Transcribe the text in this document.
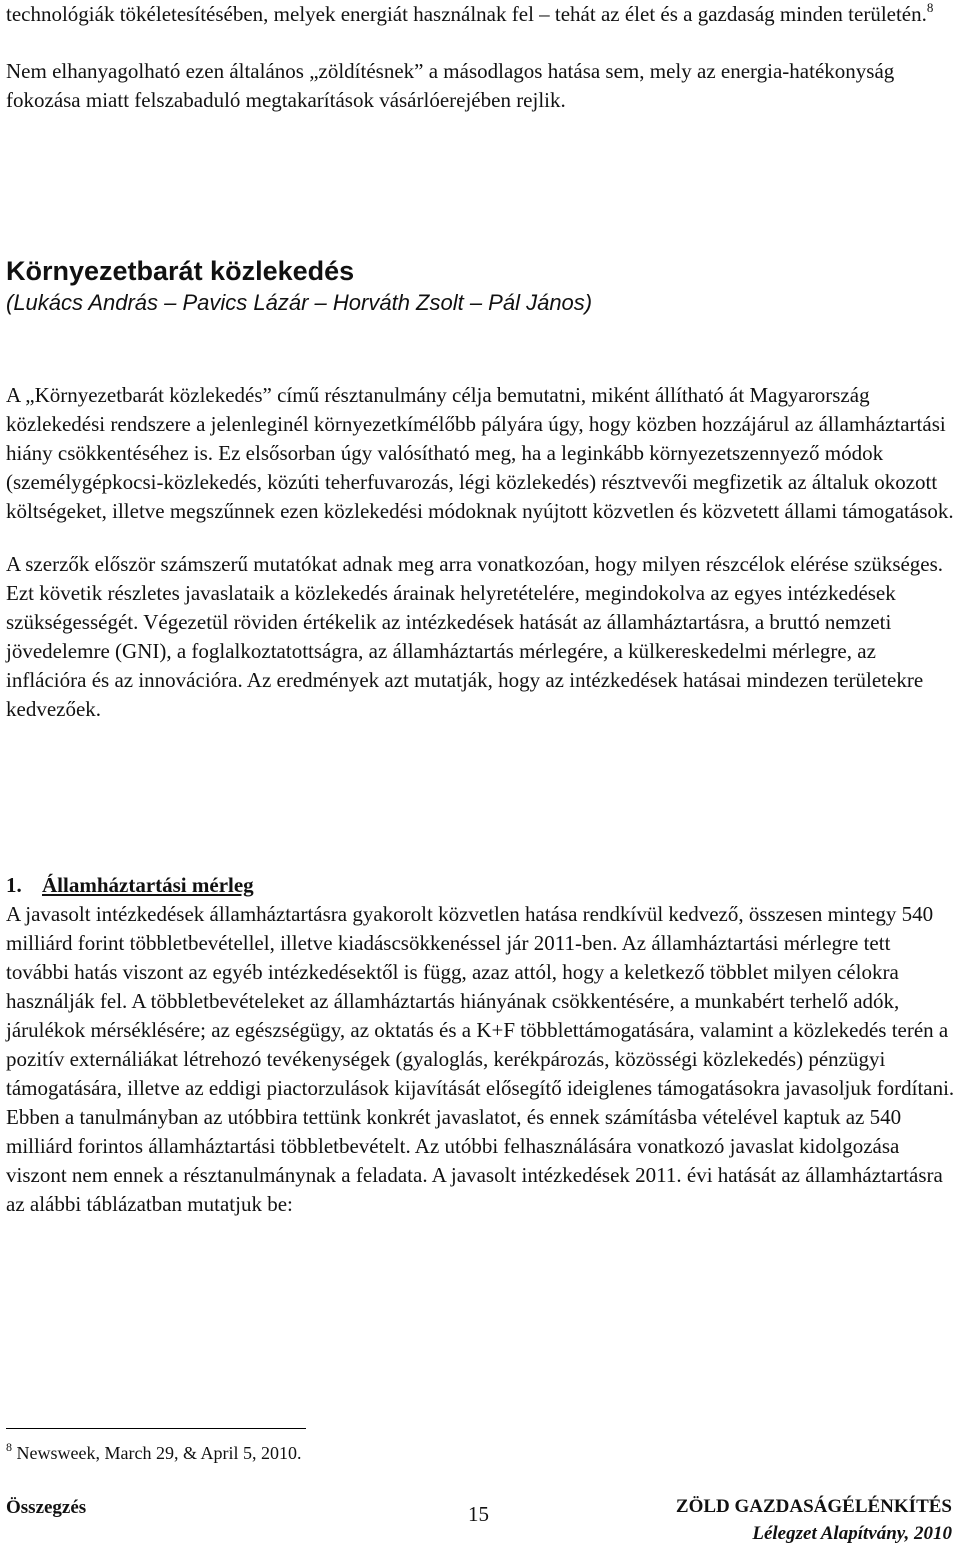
technológiák tökéletesítésében, melyek energiát használnak fel – tehát az élet és a gazdaság minden területén.$^8$

Nem elhanyagolható ezen általános „zöldítésnek” a másodlagos hatása sem, mely az energia-hatékonyság fokozása miatt felszabaduló megtakarítások vásárlóerejében rejlik.

Környezetbarát közlekedés
(Lukács András – Pavics Lázár – Horváth Zsolt – Pál János)

A „Környezetbarát közlekedés” című résztanulmány célja bemutatni, miként állítható át Magyarország közlekedési rendszere a jelenleginél környezetkímélőbb pályára úgy, hogy közben hozzájárul az államháztartási hiány csökkentéséhez is. Ez elsősorban úgy valósítható meg, ha a leginkább környezetszennyező módok (személygépkocsi-közlekedés, közúti teherfuvarozás, légi közlekedés) résztvevői megfizetik az általuk okozott költségeket, illetve megszűnnek ezen közlekedési módoknak nyújtott közvetlen és közvetett állami támogatások.

A szerzők először számszerű mutatókat adnak meg arra vonatkozóan, hogy milyen részcélok elérése szükséges. Ezt követik részletes javaslataik a közlekedés árainak helyretételére, megindokolva az egyes intézkedések szükségességét. Végezetül röviden értékelik az intézkedések hatását az államháztartásra, a bruttó nemzeti jövedelemre (GNI), a foglalkoztatottságra, az államháztartás mérlegére, a külkereskedelmi mérlegre, az inflációra és az innovációra. Az eredmények azt mutatják, hogy az intézkedések hatásai mindezen területekre kedvezőek.

1. Államháztartási mérleg

A javasolt intézkedések államháztartásra gyakorolt közvetlen hatása rendkívül kedvező, összesen mintegy 540 milliárd forint többletbevétellel, illetve kiadáscsökkenéssel jár 2011-ben. Az államháztartási mérlegre tett további hatás viszont az egyéb intézkedésektől is függ, azaz attól, hogy a keletkező többlet milyen célokra használják fel. A többletbevételeket az államháztartás hiányának csökkentésére, a munkabért terhelő adók, járulékok mérséklésére; az egészségügy, az oktatás és a K+F többlettámogatására, valamint a közlekedés terén a pozitív externáliákat létrehozó tevékenységek (gyaloglás, kerékpározás, közösségi közlekedés) pénzügyi támogatására, illetve az eddigi piactorzulások kijavítását elősegítő ideiglenes támogatásokra javasoljuk fordítani. Ebben a tanulmányban az utóbbira tettünk konkrét javaslatot, és ennek számításba vételével kaptuk az 540 milliárd forintos államháztartási többletbevételt. Az utóbbi felhasználására vonatkozó javaslat kidolgozása viszont nem ennek a résztanulmánynak a feladata. A javasolt intézkedések 2011. évi hatását az államháztartásra az alábbi táblázatban mutatjuk be:

$^8$ Newsweek, March 29, & April 5, 2010.
Összegzés	15	ZÖLD GAZDASÁGÉLÉNKÍTÉS
Lélegzet Alapítvány, 2010
